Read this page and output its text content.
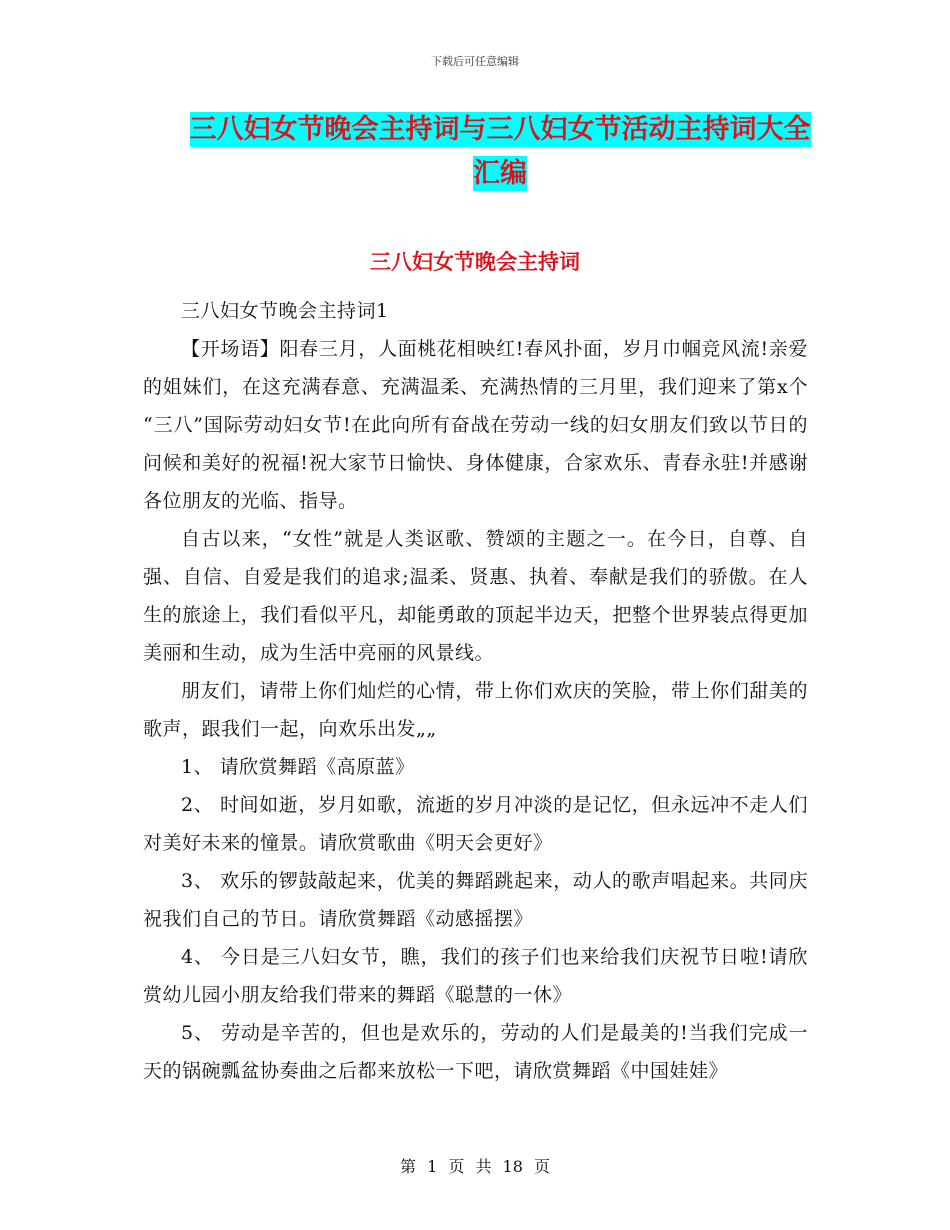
下载后可任意编辑
三八妇女节晚会主持词与三八妇女节活动主持词大全
汇编
三八妇女节晚会主持词

三八妇女节晚会主持词1

【开场语】阳春三月，人面桃花相映红!春风扑面，岁月巾帼竞风流!亲爱的姐妹们，在这充满春意、充满温柔、充满热情的三月里，我们迎来了第x个 “三八”国际劳动妇女节!在此向所有奋战在劳动一线的妇女朋友们致以节日的问候和美好的祝福!祝大家节日愉快、身体健康，合家欢乐、青春永驻!并感谢各位朋友的光临、指导。

自古以来，“女性”就是人类讴歌、赞颂的主题之一。在今日，自尊、自强、自信、自爱是我们的追求;温柔、贤惠、执着、奉献是我们的骄傲。在人生的旅途上，我们看似平凡，却能勇敢的顶起半边天，把整个世界装点得更加美丽和生动，成为生活中亮丽的风景线。

朋友们，请带上你们灿烂的心情，带上你们欢庆的笑脸，带上你们甜美的歌声，跟我们一起，向欢乐出发„„

1、 请欣赏舞蹈《高原蓝》

2、 时间如逝，岁月如歌，流逝的岁月冲淡的是记忆，但永远冲不走人们对美好未来的憧景。请欣赏歌曲《明天会更好》

3、 欢乐的锣鼓敲起来，优美的舞蹈跳起来，动人的歌声唱起来。共同庆祝我们自己的节日。请欣赏舞蹈《动感摇摆》

4、 今日是三八妇女节，瞧，我们的孩子们也来给我们庆祝节日啦!请欣赏幼儿园小朋友给我们带来的舞蹈《聪慧的一休》

5、 劳动是辛苦的，但也是欢乐的，劳动的人们是最美的!当我们完成一天的锅碗瓢盆协奏曲之后都来放松一下吧，请欣赏舞蹈《中国娃娃》

第 1 页 共 18 页
